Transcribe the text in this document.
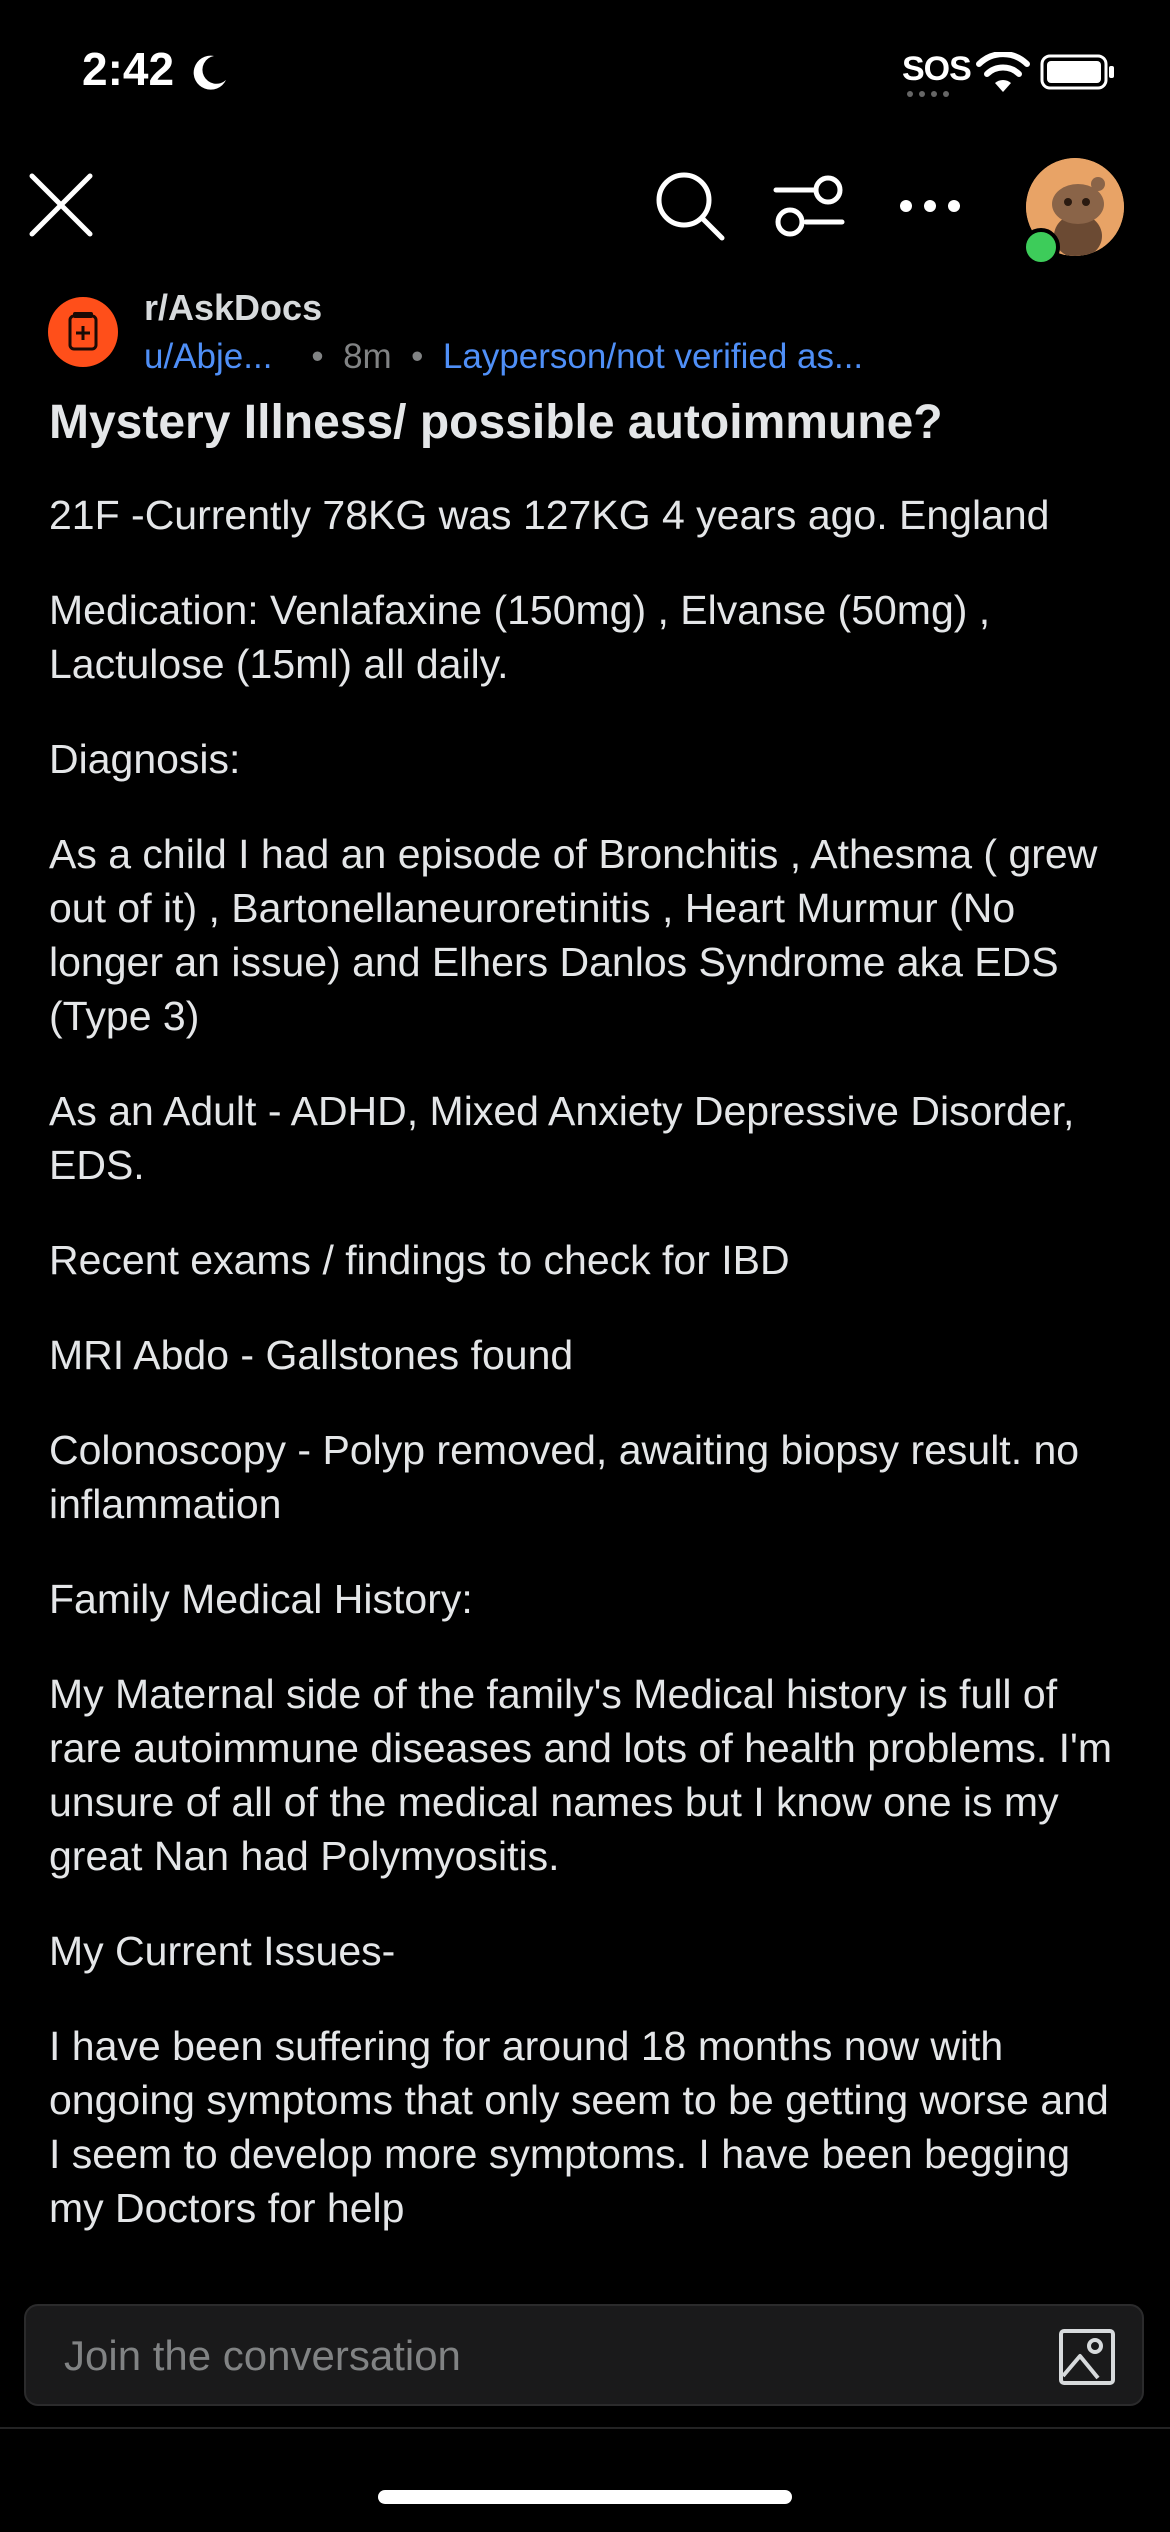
2:42	SOS
r/AskDocs
u/Abje... • 8m • Layperson/not verified as...
Mystery Illness/ possible autoimmune?

21F -Currently 78KG was 127KG 4 years ago. England

Medication: Venlafaxine (150mg) , Elvanse (50mg) , Lactulose (15ml) all daily.

Diagnosis:

As a child I had an episode of Bronchitis , Athesma ( grew out of it) , Bartonellaneuroretinitis , Heart Murmur (No longer an issue) and Elhers Danlos Syndrome aka EDS (Type 3)

As an Adult - ADHD, Mixed Anxiety Depressive Disorder, EDS.

Recent exams / findings to check for IBD

MRI Abdo - Gallstones found

Colonoscopy - Polyp removed, awaiting biopsy result. no inflammation

Family Medical History:

My Maternal side of the family's Medical history is full of rare autoimmune diseases and lots of health problems. I'm unsure of all of the medical names but I know one is my great Nan had Polymyositis.

My Current Issues-

I have been suffering for around 18 months now with ongoing symptoms that only seem to be getting worse and I seem to develop more symptoms. I have been begging my Doctors for help

Join the conversation
